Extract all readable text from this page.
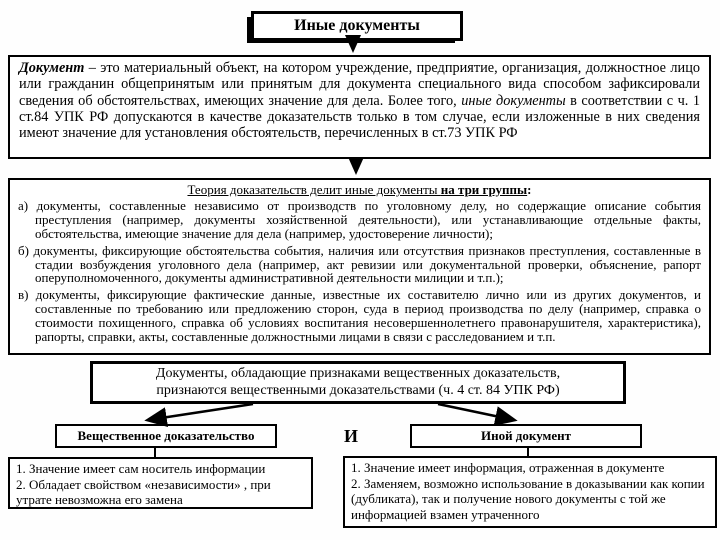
Иные документы

Документ – это материальный объект, на котором учреждение, предприятие, организация, должностное лицо или гражданин общепринятым или принятым для документа специального вида способом зафиксировали сведения об обстоятельствах, имеющих значение для дела. Более того, иные документы в соответствии с ч. 1 ст.84 УПК РФ допускаются в качестве доказательств только в том случае, если изложенные в них сведения имеют значение для установления обстоятельств, перечисленных в ст.73 УПК РФ

Теория доказательств делит иные документы на три группы:
а) документы, составленные независимо от производств по уголовному делу, но содержащие описание события преступления (например, документы хозяйственной деятельности), или устанавливающие отдельные факты, обстоятельства, имеющие значение для дела (например, удостоверение личности);
б) документы, фиксирующие обстоятельства события, наличия или отсутствия признаков преступления, составленные в стадии возбуждения уголовного дела (например, акт ревизии или документальной проверки, объяснение, рапорт оперуполномоченного, документы административной деятельности милиции и т.п.);
в) документы, фиксирующие фактические данные, известные их составителю лично или из других документов, и составленные по требованию или предложению сторон, суда в период производства по делу (например, справка о стоимости похищенного, справка об условиях воспитания несовершеннолетнего правонарушителя, характеристика), рапорты, справки, акты, составленные должностными лицами в связи с расследованием и т.п.
Документы, обладающие признаками вещественных доказательств,
признаются вещественными доказательствами (ч. 4 ст. 84 УПК РФ)
Вещественное доказательство	И	Иной документ

1. Значение имеет сам носитель информации

2. Обладает свойством «независимости» , при утрате невозможна его замена

1. Значение имеет информация, отраженная в документе

2. Заменяем, возможно использование в доказывании как копии (дубликата), так и получение нового документы с той же информацией взамен утраченного
